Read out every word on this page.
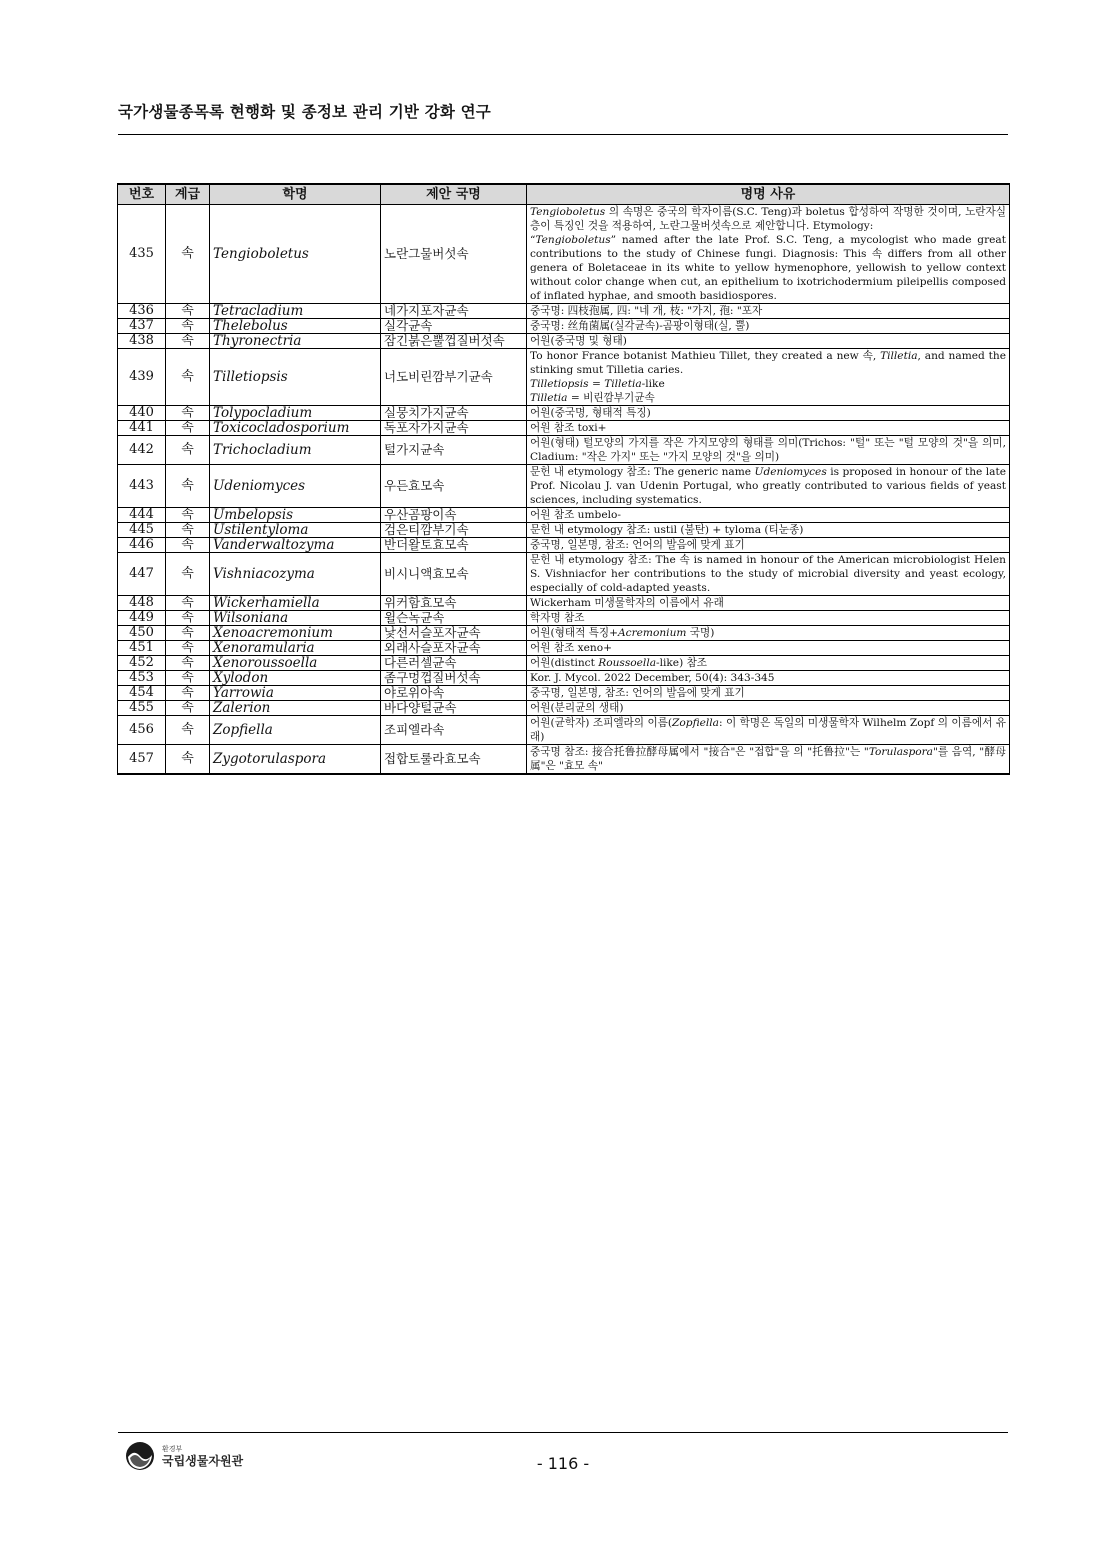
국가생물종목록 현행화 및 종정보 관리 기반 강화 연구
번호	계급	학명	제안 국명	명명 사유
435	속	Tengioboletus	노란그물버섯속	Tengioboletus 의 속명은 중국의 학자이름(S.C. Teng)과 boletus 합성하여 작명한 것이며, 노란자실층이 특징인 것을 적용하여, 노란그물버섯속으로 제안합니다. Etymology:
“Tengioboletus” named after the late Prof. S.C. Teng, a mycologist who made great contributions to the study of Chinese fungi. Diagnosis: This 속 differs from all other genera of Boletaceae in its white to yellow hymenophore, yellowish to yellow context without color change when cut, an epithelium to ixotrichodermium pileipellis composed of inflated hyphae, and smooth basidiospores.

436	속	Tetracladium	네가지포자균속	중국명: 四枝孢属, 四: "네 개, 枝: "가지, 孢: "포자

437	속	Thelebolus	실각균속	중국명: 丝角菌属(실각균속)-곰팡이형태(실, 뿔)

438	속	Thyronectria	잠긴붉은뿔껍질버섯속	어원(중국명 및 형태)

439	속	Tilletiopsis	너도비린깜부기균속	To honor France botanist Mathieu Tillet, they created a new 속, Tilletia, and named the stinking smut Tilletia caries.
Tilletiopsis = Tilletia-like
Tilletia = 비린깜부기균속

440	속	Tolypocladium	실뭉치가지균속	어원(중국명, 형태적 특징)

441	속	Toxicocladosporium	독포자가지균속	어원 참조 toxi+

442	속	Trichocladium	털가지균속	어원(형태) 털모양의 가지를 작은 가지모양의 형태를 의미(Trichos: "털" 또는 "털 모양의 것"을 의미, Cladium: "작은 가지" 또는 "가지 모양의 것"을 의미)

443	속	Udeniomyces	우든효모속	문헌 내 etymology 참조: The generic name Udeniomyces is proposed in honour of the late Prof. Nicolau J. van Udenin Portugal, who greatly contributed to various fields of yeast sciences, including systematics.

444	속	Umbelopsis	우산곰팡이속	어원 참조 umbelo-

445	속	Ustilentyloma	검은티깜부기속	문헌 내 etymology 참조: ustil (불탄) + tyloma (티눈종)

446	속	Vanderwaltozyma	반더왈토효모속	중국명, 일본명, 참조: 언어의 발음에 맞게 표기

447	속	Vishniacozyma	비시니액효모속	문헌 내 etymology 참조: The 속 is named in honour of the American microbiologist Helen S. Vishniacfor her contributions to the study of microbial diversity and yeast ecology, especially of cold-adapted yeasts.

448	속	Wickerhamiella	위커함효모속	Wickerham 미생물학자의 이름에서 유래

449	속	Wilsoniana	윌슨녹균속	학자명 참조

450	속	Xenoacremonium	낯선서슬포자균속	어원(형태적 특징+Acremonium 국명)

451	속	Xenoramularia	외래사슬포자균속	어원 참조 xeno+

452	속	Xenoroussoella	다른러셀균속	어원(distinct Roussoella-like) 참조

453	속	Xylodon	좀구멍껍질버섯속	Kor. J. Mycol. 2022 December, 50(4): 343-345

454	속	Yarrowia	야로위아속	중국명, 일본명, 참조: 언어의 발음에 맞게 표기

455	속	Zalerion	바다양털균속	어원(분리균의 생태)

456	속	Zopfiella	조피엘라속	어원(균학자) 조피엘라의 이름(Zopfiella: 이 학명은 독일의 미생물학자 Wilhelm Zopf 의 이름에서 유래)

457	속	Zygotorulaspora	접합토룰라효모속	중국명 참조: 接合托鲁拉酵母属에서 "接合"은 "접합"을 의 "托鲁拉"는 "Torulaspora"를 음역, "酵母属"은 "효모 속"
환경부
국립생물자원관	- 116 -
